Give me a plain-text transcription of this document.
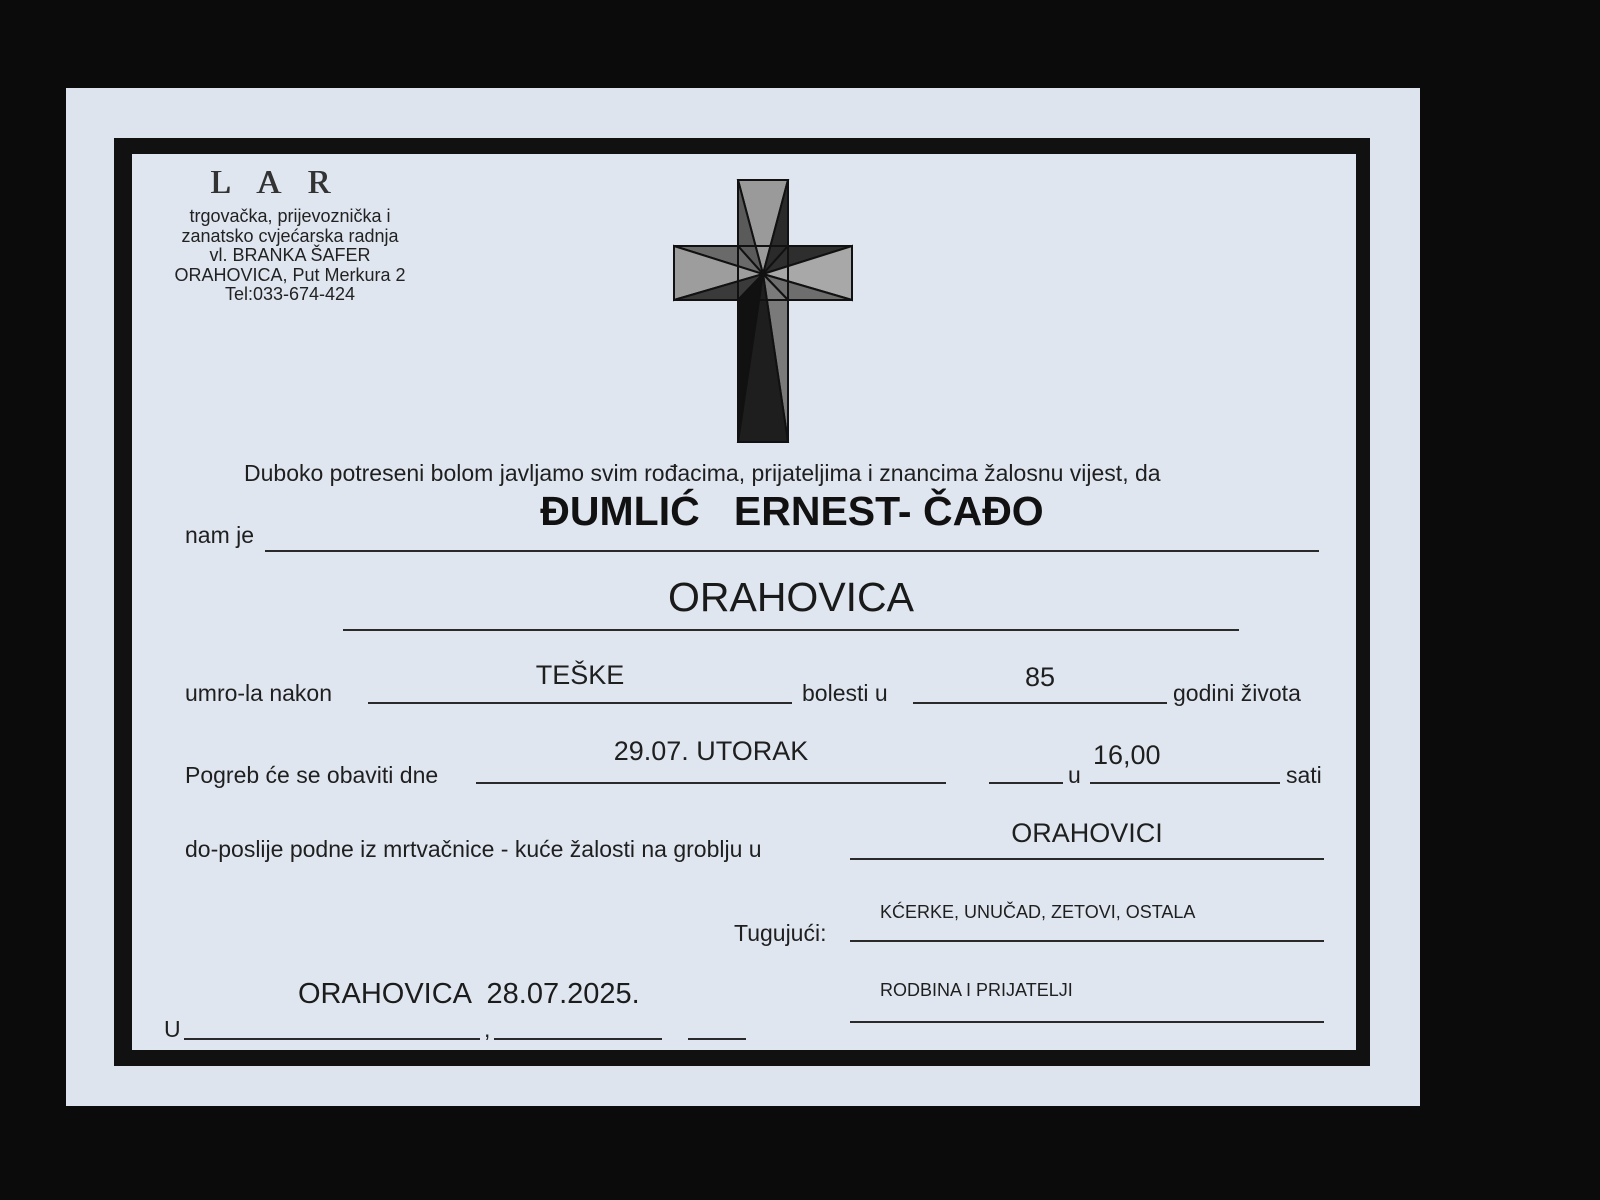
L A R
trgovačka, prijevoznička i
zanatsko cvjećarska radnja
vl. BRANKA ŠAFER
ORAHOVICA, Put Merkura 2
Tel:033-674-424
Duboko potreseni bolom javljamo svim rođacima, prijateljima i znancima žalosnu vijest, da
nam je
ĐUMLIĆ   ERNEST- ČAĐO
ORAHOVICA
umro-la nakon
TEŠKE
bolesti u
85
godini života
Pogreb će se obaviti dne
29.07. UTORAK
u
16,00
sati
do-poslije podne iz mrtvačnice - kuće žalosti na groblju u
ORAHOVICI
Tugujući:
KĆERKE, UNUČAD, ZETOVI, OSTALA
RODBINA I PRIJATELJI
ORAHOVICA  28.07.2025.
U	,
